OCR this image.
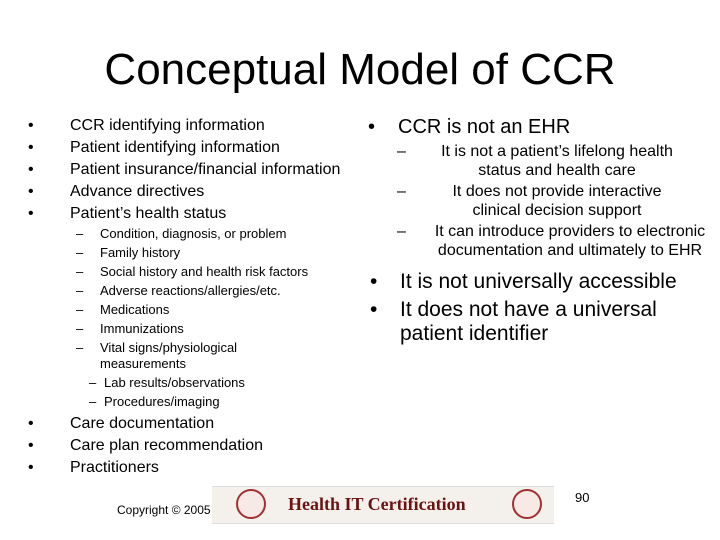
Conceptual Model of CCR
• CCR identifying information
• Patient identifying information
• Patient insurance/financial information
• Advance directives
• Patient’s health status
– Condition, diagnosis, or problem
– Family history
– Social history and health risk factors
– Adverse reactions/allergies/etc.
– Medications
– Immunizations
– Vital signs/physiological measurements
– Lab results/observations
– Procedures/imaging
• Care documentation
• Care plan recommendation
• Practitioners
• CCR is not an EHR
– It is not a patient’s lifelong health status and health care
–	It does not provide interactive clinical decision support
– It can introduce providers to electronic documentation and ultimately to EHR
• It is not universally accessible
• It does not have a universal patient identifier
Health IT Certification
Copyright © 2005
90
